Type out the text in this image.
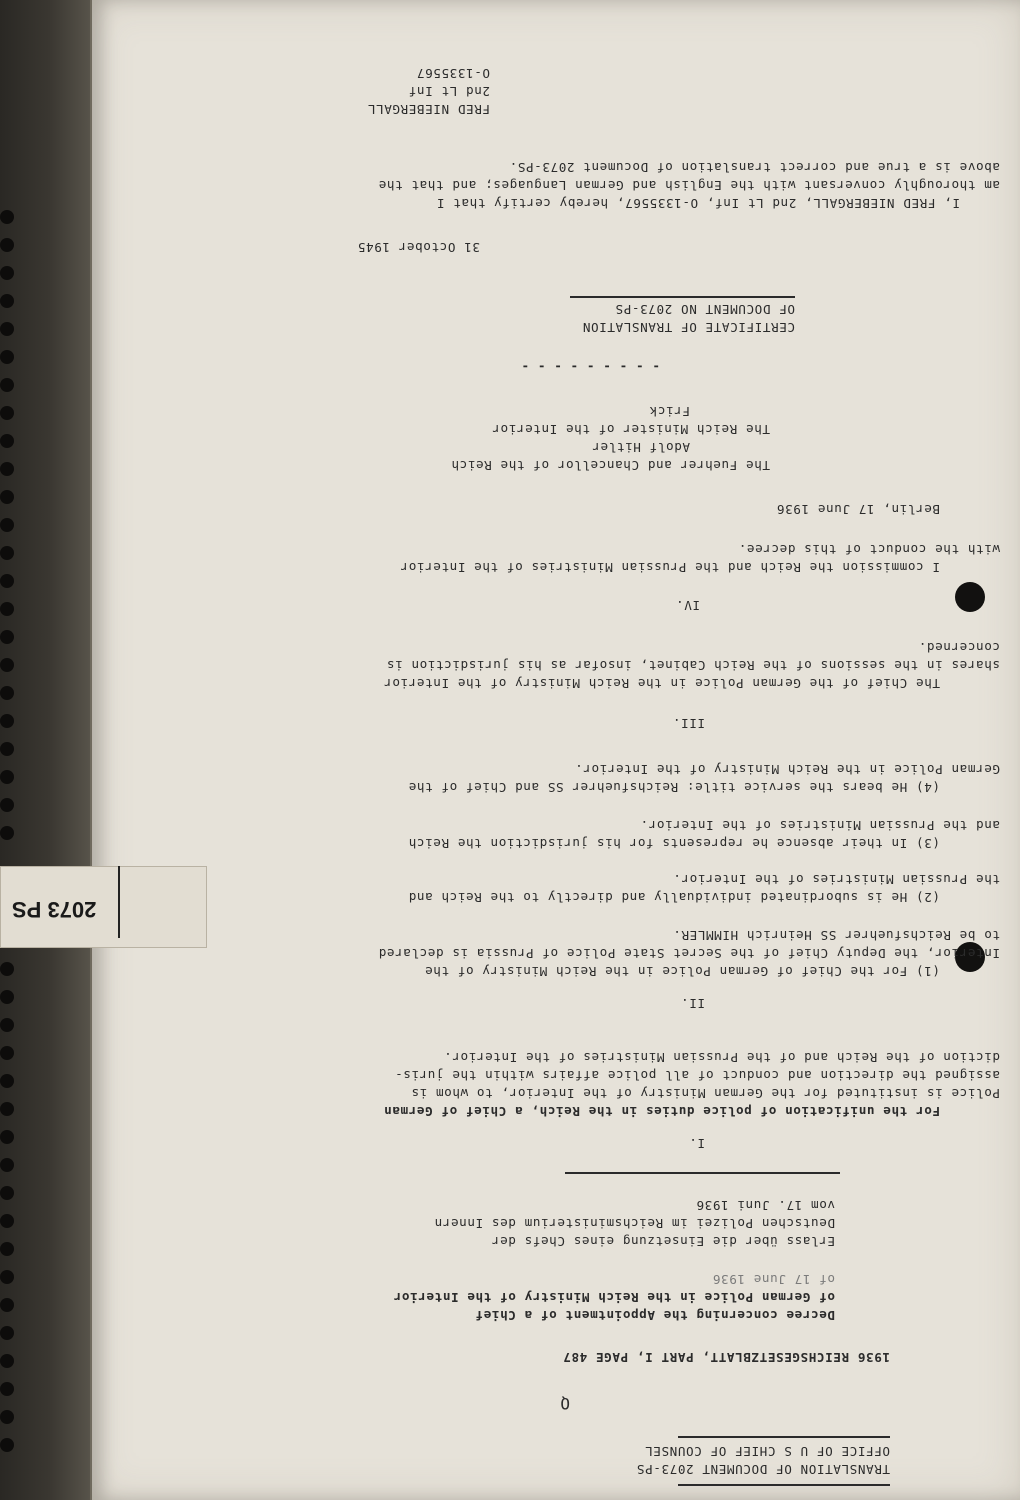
2073 PS
TRANSLATION OF DOCUMENT 2073-PS
OFFICE OF U S CHIEF OF COUNSEL
Q
1936 REICHSGESETZBLATT, PART I, PAGE 487
Decree concerning the Appointment of a Chief
of German Police in the Reich Ministry of the Interior
of 17 June 1936
Erlass über die Einsetzung eines Chefs der
Deutschen Polizei im Reichsministerium des Innern
vom 17. Juni 1936
I.
For the unification of police duties in the Reich, a Chief of German
Police is instituted for the German Ministry of the Interior, to whom is
assigned the direction and conduct of all police affairs within the juris-
diction of the Reich and of the Prussian Ministries of the Interior.
II.
(1) For the Chief of German Police in the Reich Ministry of the
Interior, the Deputy Chief of the Secret State Police of Prussia is declared
to be Reichsfuehrer SS Heinrich HIMMLER.
(2) He is subordinated individually and directly to the Reich and
the Prussian Ministries of the Interior.
(3) In their absence he represents for his jurisdiction the Reich
and the Prussian Ministries of the Interior.
(4) He bears the service title: Reichsfuehrer SS and Chief of the
German Police in the Reich Ministry of the Interior.
III.
The Chief of the German Police in the Reich Ministry of the Interior
shares in the sessions of the Reich Cabinet, insofar as his jurisdiction is
concerned.
IV.
I commission the Reich and the Prussian Ministries of the Interior
with the conduct of this decree.
Berlin, 17 June 1936
The Fuehrer and Chancellor of the Reich
Adolf Hitler
The Reich Minister of the Interior
Frick
- - - - - - - - -
CERTIFICATE OF TRANSLATION
OF DOCUMENT NO 2073-PS
31 October 1945
I, FRED NIEBERGALL, 2nd Lt Inf, O-1335567, hereby certify that I
am thoroughly conversant with the English and German Languages; and that the
above is a true and correct translation of Document 2073-PS.
FRED NIEBERGALL
2nd Lt Inf
O-1335567
